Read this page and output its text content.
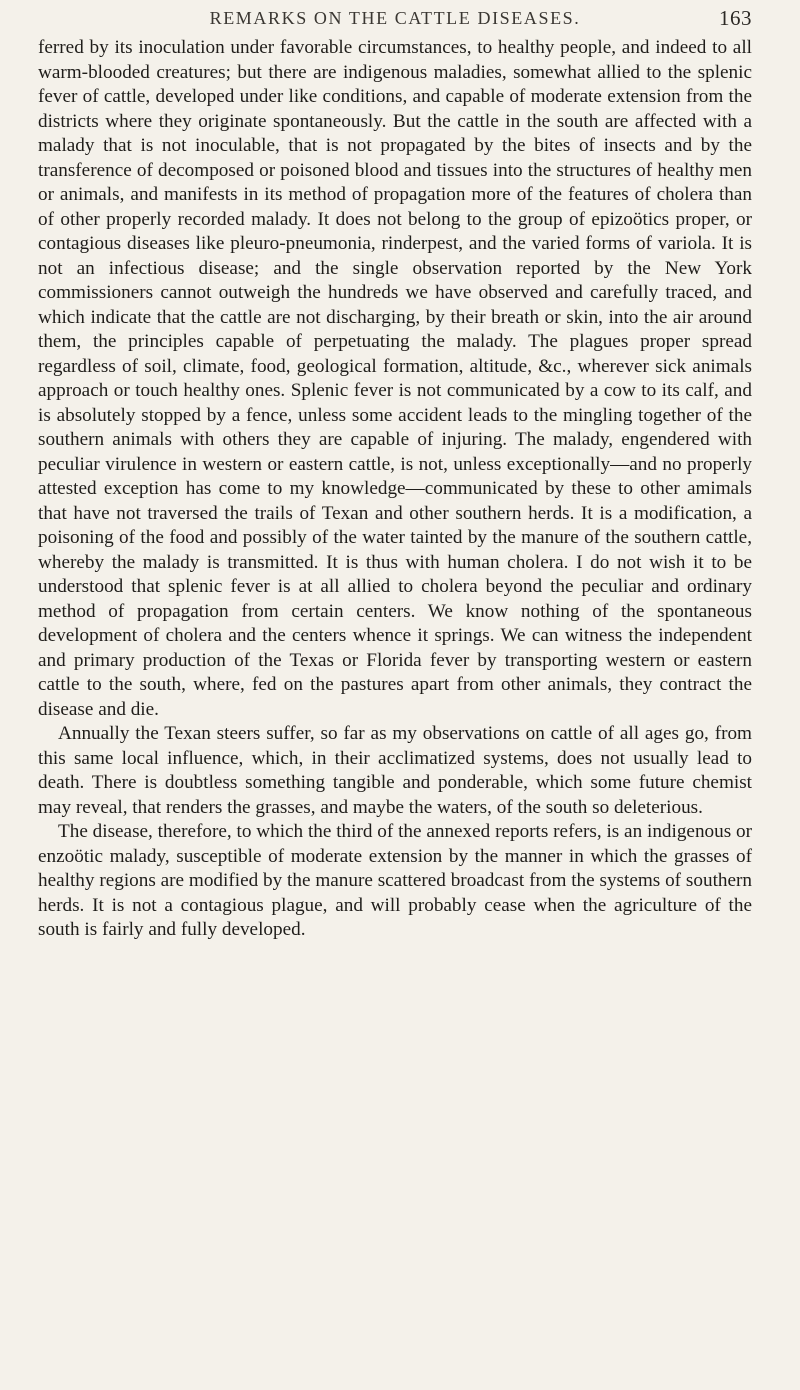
REMARKS ON THE CATTLE DISEASES.	163

ferred by its inoculation under favorable circumstances, to healthy people, and indeed to all warm-blooded creatures; but there are indigenous maladies, somewhat allied to the splenic fever of cattle, developed under like conditions, and capable of moderate extension from the districts where they originate spontaneously. But the cattle in the south are affected with a malady that is not inoculable, that is not propagated by the bites of insects and by the transference of decomposed or poisoned blood and tissues into the structures of healthy men or animals, and manifests in its method of propagation more of the features of cholera than of other properly recorded malady. It does not belong to the group of epizoötics proper, or contagious diseases like pleuro-pneumonia, rinderpest, and the varied forms of variola. It is not an infectious disease; and the single observation reported by the New York commissioners cannot outweigh the hundreds we have observed and carefully traced, and which indicate that the cattle are not discharging, by their breath or skin, into the air around them, the principles capable of perpetuating the malady. The plagues proper spread regardless of soil, climate, food, geological formation, altitude, &c., wherever sick animals approach or touch healthy ones. Splenic fever is not communicated by a cow to its calf, and is absolutely stopped by a fence, unless some accident leads to the mingling together of the southern animals with others they are capable of injuring. The malady, engendered with peculiar virulence in western or eastern cattle, is not, unless exceptionally—and no properly attested exception has come to my knowledge—communicated by these to other amimals that have not traversed the trails of Texan and other southern herds. It is a modification, a poisoning of the food and possibly of the water tainted by the manure of the southern cattle, whereby the malady is transmitted. It is thus with human cholera. I do not wish it to be understood that splenic fever is at all allied to cholera beyond the peculiar and ordinary method of propagation from certain centers. We know nothing of the spontaneous development of cholera and the centers whence it springs. We can witness the independent and primary production of the Texas or Florida fever by transporting western or eastern cattle to the south, where, fed on the pastures apart from other animals, they contract the disease and die.

Annually the Texan steers suffer, so far as my observations on cattle of all ages go, from this same local influence, which, in their acclimatized systems, does not usually lead to death. There is doubtless something tangible and ponderable, which some future chemist may reveal, that renders the grasses, and maybe the waters, of the south so deleterious.

The disease, therefore, to which the third of the annexed reports refers, is an indigenous or enzoötic malady, susceptible of moderate extension by the manner in which the grasses of healthy regions are modified by the manure scattered broadcast from the systems of southern herds. It is not a contagious plague, and will probably cease when the agriculture of the south is fairly and fully developed.
